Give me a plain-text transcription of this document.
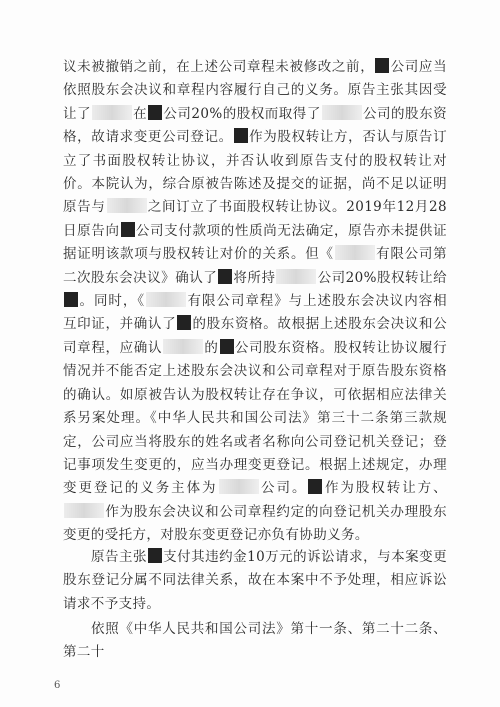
议未被撤销之前，在上述公司章程未被修改之前， 公司应当依照股东会决议和章程内容履行自己的义务。原告主张其因受让了	在 公司20%的股权而取得了	公司的股东资格，故请求变更公司登记。 作为股权转让方，否认与原告订立了书面股权转让协议，并否认收到原告支付的股权转让对价。本院认为，综合原被告陈述及提交的证据，尚不足以证明原告与	之间订立了书面股权转让协议。2019年12月28日原告向 公司支付款项的性质尚无法确定，原告亦未提供证据证明该款项与股权转让对价的关系。但《	有限公司第二次股东会决议》确认了 将所持	公司20%股权转让给。同时，《	有限公司章程》与上述股东会决议内容相互印证，并确认了 的股东资格。故根据上述股东会决议和公司章程，应确认	的 公司股东资格。股权转让协议履行情况并不能否定上述股东会决议和公司章程对于原告股东资格的确认。如原被告认为股权转让存在争议，可依据相应法律关系另案处理。《中华人民共和国公司法》第三十二条第三款规定，公司应当将股东的姓名或者名称向公司登记机关登记；登记事项发生变更的，应当办理变更登记。根据上述规定，办理变更登记的义务主体为	公司。 作为股权转让方、作为股东会决议和公司章程约定的向登记机关办理股东变更的受托方，对股东变更登记亦负有协助义务。
原告主张 支付其违约金10万元的诉讼请求，与本案变更股东登记分属不同法律关系，故在本案中不予处理，相应诉讼请求不予支持。
依照《中华人民共和国公司法》第十一条、第二十二条、第二十
6
